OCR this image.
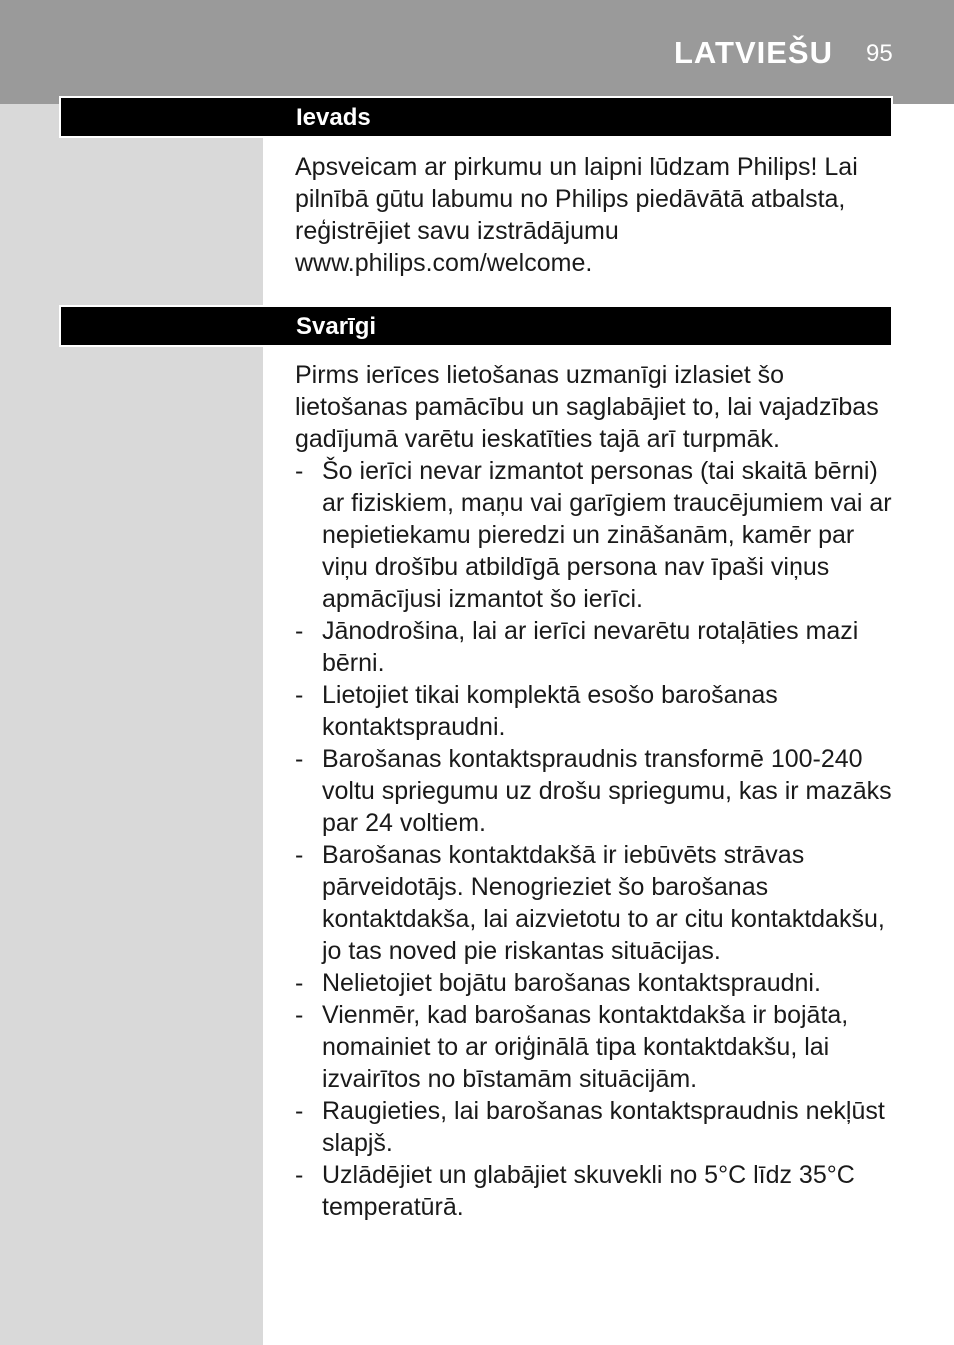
LATVIEŠU 95
Ievads

Apsveicam ar pirkumu un laipni lūdzam Philips! Lai pilnībā gūtu labumu no Philips piedāvātā atbalsta, reģistrējiet savu izstrādājumu www.philips.com/welcome.

Svarīgi

Pirms ierīces lietošanas uzmanīgi izlasiet šo lietošanas pamācību un saglabājiet to, lai vajadzības gadījumā varētu ieskatīties tajā arī turpmāk.

- Šo ierīci nevar izmantot personas (tai skaitā bērni) ar fiziskiem, maņu vai garīgiem traucējumiem vai ar nepietiekamu pieredzi un zināšanām, kamēr par viņu drošību atbildīgā persona nav īpaši viņus apmācījusi izmantot šo ierīci.
- Jānodrošina, lai ar ierīci nevarētu rotaļāties mazi bērni.
- Lietojiet tikai komplektā esošo barošanas kontaktspraudni.
- Barošanas kontaktspraudnis transformē 100-240 voltu spriegumu uz drošu spriegumu, kas ir mazāks par 24 voltiem.
- Barošanas kontaktdakšā ir iebūvēts strāvas pārveidotājs. Nenogrieziet šo barošanas kontaktdakša, lai aizvietotu to ar citu kontaktdakšu, jo tas noved pie riskantas situācijas.
- Nelietojiet bojātu barošanas kontaktspraudni.
- Vienmēr, kad barošanas kontaktdakša ir bojāta, nomainiet to ar oriģinālā tipa kontaktdakšu, lai izvairītos no bīstamām situācijām.
- Raugieties, lai barošanas kontaktspraudnis nekļūst slapjš.
- Uzlādējiet un glabājiet skuvekli no 5°C līdz 35°C temperatūrā.
